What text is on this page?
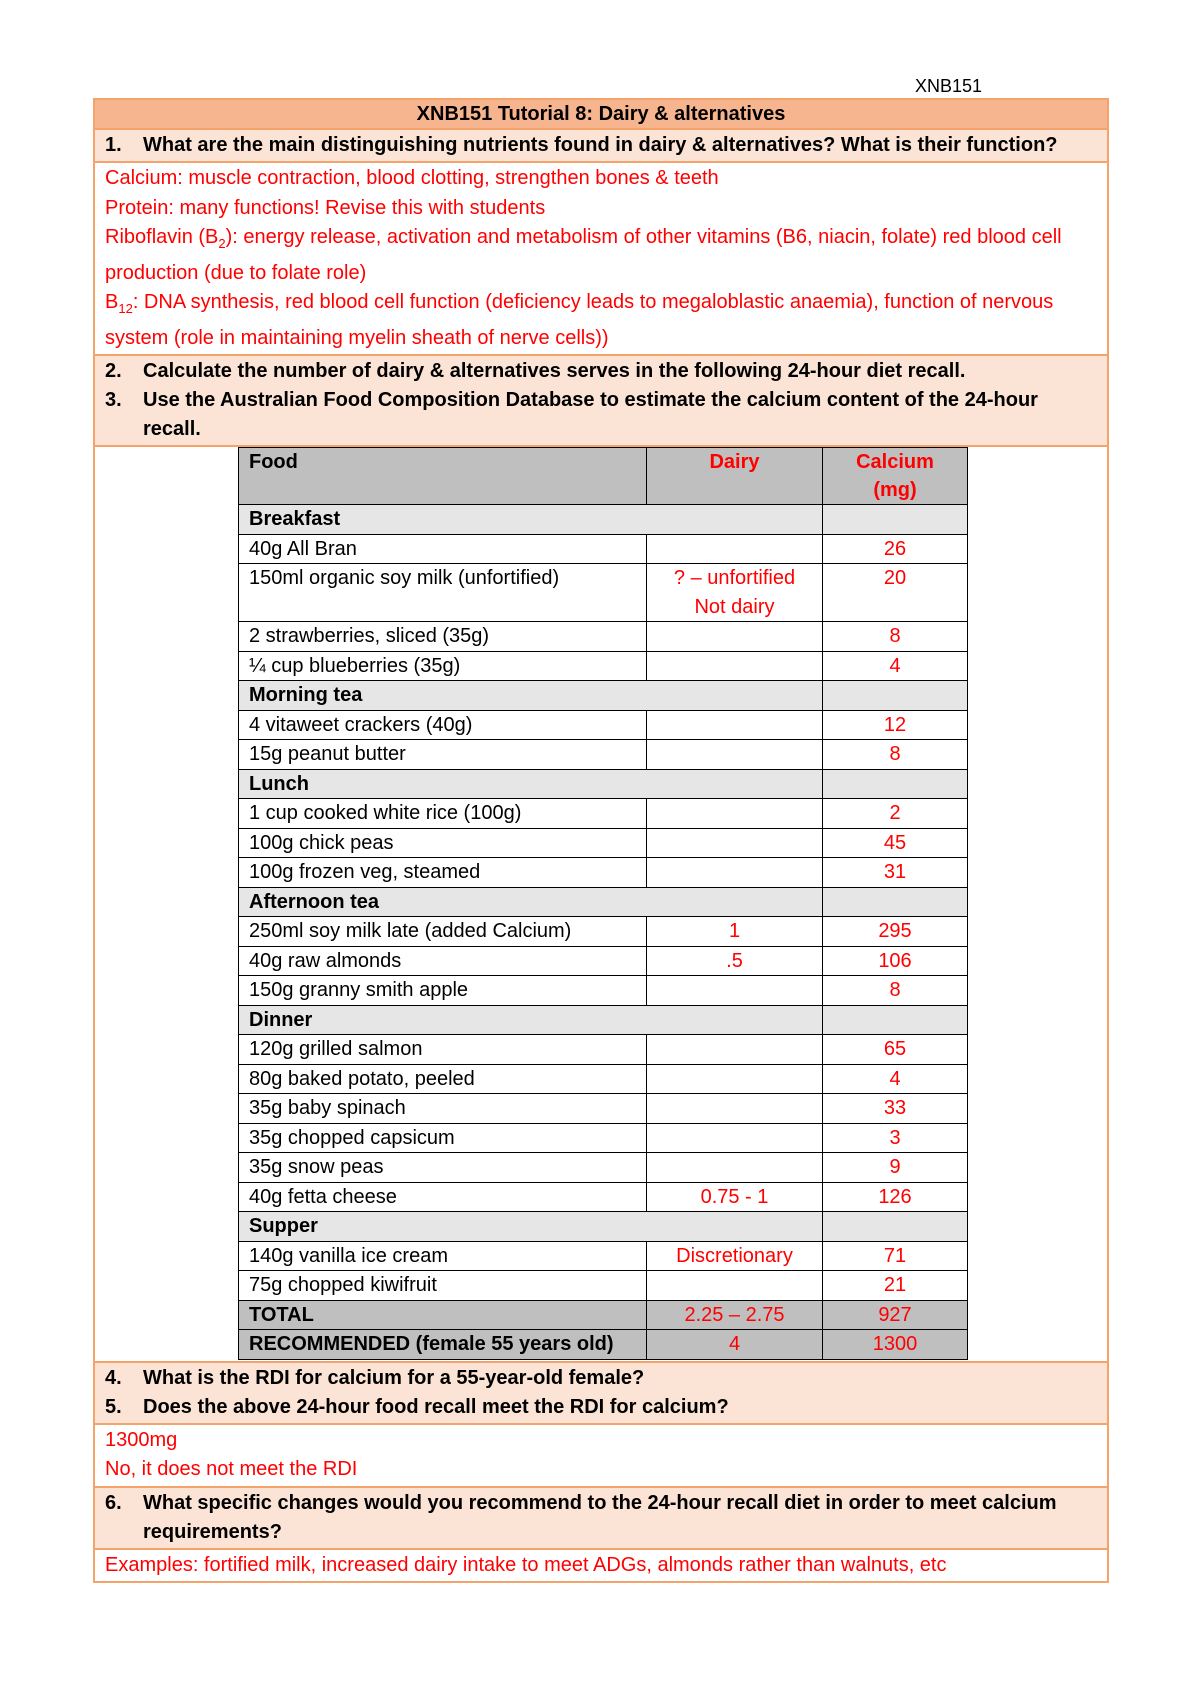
XNB151
XNB151 Tutorial 8: Dairy & alternatives
1.	What are the main distinguishing nutrients found in dairy & alternatives? What is their function?
Calcium: muscle contraction, blood clotting, strengthen bones & teeth
Protein: many functions! Revise this with students
Riboflavin $(B_2)$: energy release, activation and metabolism of other vitamins (B6, niacin, folate) red blood cell production (due to folate role)
$B_{12}$: DNA synthesis, red blood cell function (deficiency leads to megaloblastic anaemia), function of nervous system (role in maintaining myelin sheath of nerve cells))
2.	Calculate the number of dairy & alternatives serves in the following 24-hour diet recall.
3.	Use the Australian Food Composition Database to estimate the calcium content of the 24-hour recall.
Food	Dairy	Calcium (mg)
Breakfast		
40g All Bran		26
150ml organic soy milk (unfortified)	? – unfortified Not dairy	20
2 strawberries, sliced (35g)		8
¼ cup blueberries (35g)		4
Morning tea		
4 vitaweet crackers (40g)		12
15g peanut butter		8
Lunch		
1 cup cooked white rice (100g)		2
100g chick peas		45
100g frozen veg, steamed		31
Afternoon tea		
250ml soy milk late (added Calcium)	1	295
40g raw almonds	.5	106
150g granny smith apple		8
Dinner		
120g grilled salmon		65
80g baked potato, peeled		4
35g baby spinach		33
35g chopped capsicum		3
35g snow peas		9
40g fetta cheese	0.75 - 1	126
Supper		
140g vanilla ice cream	Discretionary	71
75g chopped kiwifruit		21
TOTAL	2.25 – 2.75	927
RECOMMENDED (female 55 years old)	4	1300
4.	What is the RDI for calcium for a 55-year-old female?
5.	Does the above 24-hour food recall meet the RDI for calcium?
1300mg
No, it does not meet the RDI
6.	What specific changes would you recommend to the 24-hour recall diet in order to meet calcium requirements?
Examples: fortified milk, increased dairy intake to meet ADGs, almonds rather than walnuts, etc
